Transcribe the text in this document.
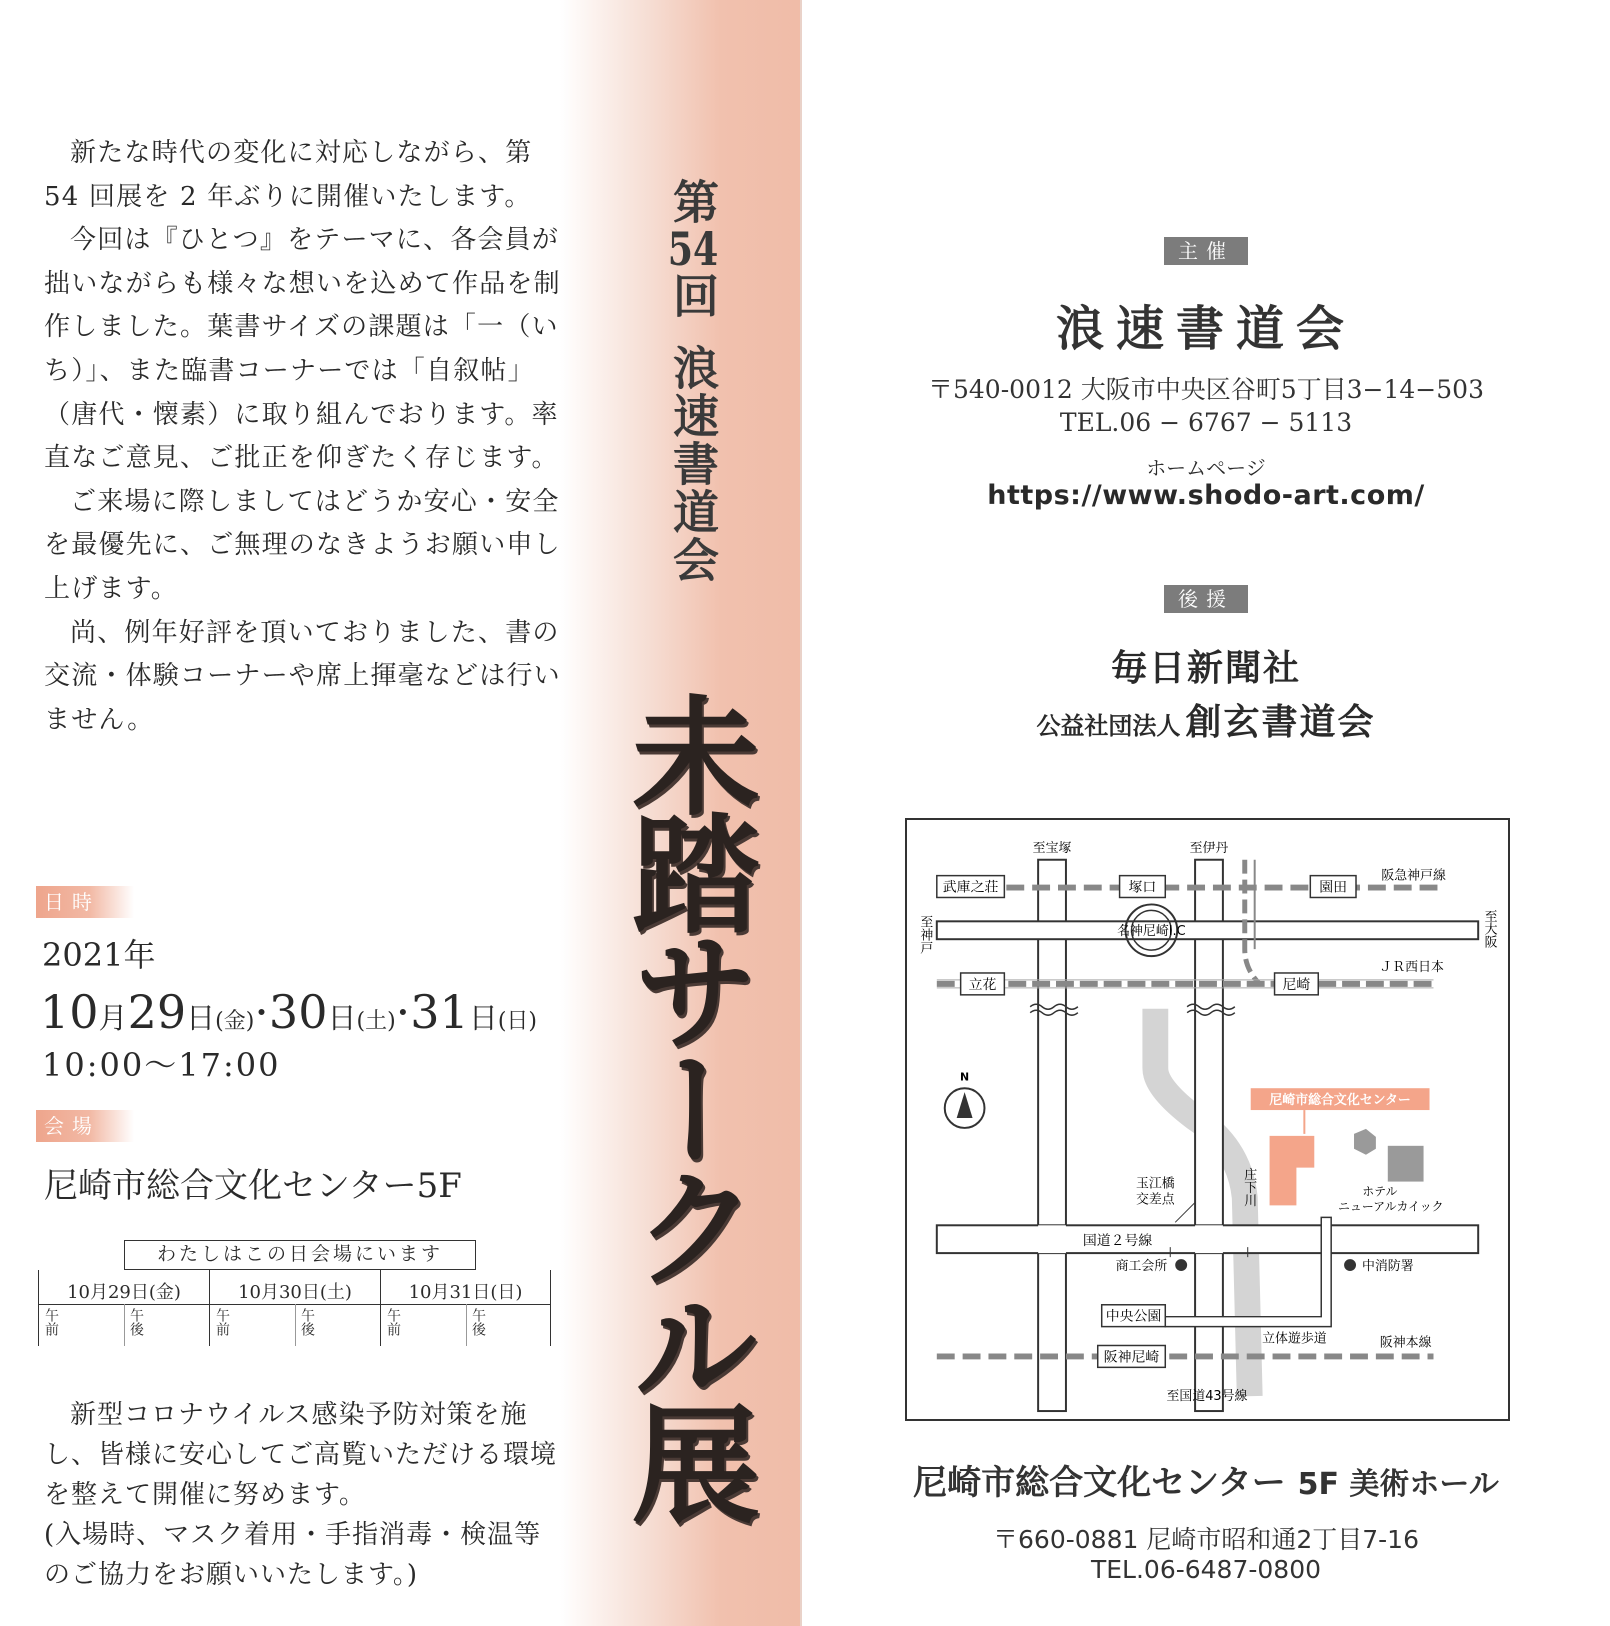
新たな時代の変化に対応しながら、第 54 回展を 2 年ぶりに開催いたします。

今回は『ひとつ』をテーマに、各会員が拙いながらも様々な想いを込めて作品を制作しました。葉書サイズの課題は「一（いち）」、また臨書コーナーでは「自叙帖」（唐代・懐素）に取り組んでおります。率直なご意見、ご批正を仰ぎたく存じます。

ご来場に際しましてはどうか安心・安全を最優先に、ご無理のなきようお願い申し上げます。

尚、例年好評を頂いておりました、書の交流・体験コーナーや席上揮毫などは行いません。

日時
2021年
10月29日(金)·30日(土)·31日(日)
10:00〜17:00
会場
尼崎市総合文化センター5F
わたしはこの日会場にいます
10月29日(金)
午前	午後
10月30日(土)
午前	午後
10月31日(日)
午前	午後

新型コロナウイルス感染予防対策を施し、皆様に安心してご高覧いただける環境を整えて開催に努めます。

(入場時、マスク着用・手指消毒・検温等のご協力をお願いいたします。)

第54回浪速書道会
未踏サークル展
主催
浪速書道会
〒540-0012 大阪市中央区谷町5丁目3−14−503
TEL.06 − 6767 − 5113
ホームページ
https://www.shodo-art.com/
後援
毎日新聞社
公益社団法人 創玄書道会
尼崎市総合文化センター
武庫之荘	塚口	園田
立花	尼崎
阪神尼崎
中央公園
至宝塚	至伊丹
阪急神戸線
至神戸	至大阪
名神尼崎I.C
ＪＲ西日本
N
玉江橋
交差点	庄下川	ホテル
ニューアルカイック
国道２号線
商工会所	中消防署
立体遊歩道	阪神本線
至国道43号線
尼崎市総合文化センター 5F 美術ホール
〒660-0881 尼崎市昭和通2丁目7-16
TEL.06-6487-0800
